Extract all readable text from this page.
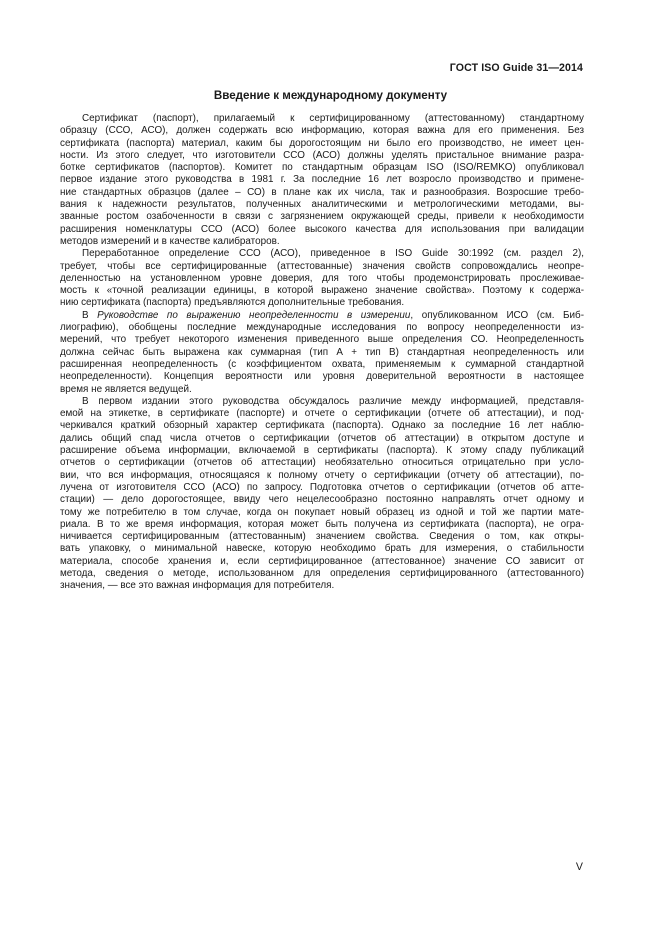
ГОСТ ISO Guide 31—2014
Введение к международному документу
Сертификат (паспорт), прилагаемый к сертифицированному (аттестованному) стандартному
образцу (ССО, АСО), должен содержать всю информацию, которая важна для его применения. Без
сертификата (паспорта) материал, каким бы дорогостоящим ни было его производство, не имеет цен-
ности. Из этого следует, что изготовители ССО (АСО) должны уделять пристальное внимание разра-
ботке сертификатов (паспортов). Комитет по стандартным образцам ISO (ISO/REMKO) опубликовал
первое издание этого руководства в 1981 г. За последние 16 лет возросло производство и примене-
ние стандартных образцов (далее – СО) в плане как их числа, так и разнообразия. Возросшие требо-
вания к надежности результатов, полученных аналитическими и метрологическими методами, вы-
званные ростом озабоченности в связи с загрязнением окружающей среды, привели к необходимости
расширения номенклатуры ССО (АСО) более высокого качества для использования при валидации
методов измерений и в качестве калибраторов.
Переработанное определение ССО (АСО), приведенное в ISO Guide 30:1992 (см. раздел 2),
требует, чтобы все сертифицированные (аттестованные) значения свойств сопровождались неопре-
деленностью на установленном уровне доверия, для того чтобы продемонстрировать прослеживае-
мость к «точной реализации единицы, в которой выражено значение свойства». Поэтому к содержа-
нию сертификата (паспорта) предъявляются дополнительные требования.
В Руководстве по выражению неопределенности в измерении, опубликованном ИСО (см. Биб-
лиографию), обобщены последние международные исследования по вопросу неопределенности из-
мерений, что требует некоторого изменения приведенного выше определения СО. Неопределенность
должна сейчас быть выражена как суммарная (тип А + тип В) стандартная неопределенность или
расширенная неопределенность (с коэффициентом охвата, применяемым к суммарной стандартной
неопределенности). Концепция вероятности или уровня доверительной вероятности в настоящее
время не является ведущей.
В первом издании этого руководства обсуждалось различие между информацией, представля-
емой на этикетке, в сертификате (паспорте) и отчете о сертификации (отчете об аттестации), и под-
черкивался краткий обзорный характер сертификата (паспорта). Однако за последние 16 лет наблю-
дались общий спад числа отчетов о сертификации (отчетов об аттестации) в открытом доступе и
расширение объема информации, включаемой в сертификаты (паспорта). К этому спаду публикаций
отчетов о сертификации (отчетов об аттестации) необязательно относиться отрицательно при усло-
вии, что вся информация, относящаяся к полному отчету о сертификации (отчету об аттестации), по-
лучена от изготовителя ССО (АСО) по запросу. Подготовка отчетов о сертификации (отчетов об атте-
стации) — дело дорогостоящее, ввиду чего нецелесообразно постоянно направлять отчет одному и
тому же потребителю в том случае, когда он покупает новый образец из одной и той же партии мате-
риала. В то же время информация, которая может быть получена из сертификата (паспорта), не огра-
ничивается сертифицированным (аттестованным) значением свойства. Сведения о том, как откры-
вать упаковку, о минимальной навеске, которую необходимо брать для измерения, о стабильности
материала, способе хранения и, если сертифицированное (аттестованное) значение СО зависит от
метода, сведения о методе, использованном для определения сертифицированного (аттестованного)
значения, — все это важная информация для потребителя.
V
